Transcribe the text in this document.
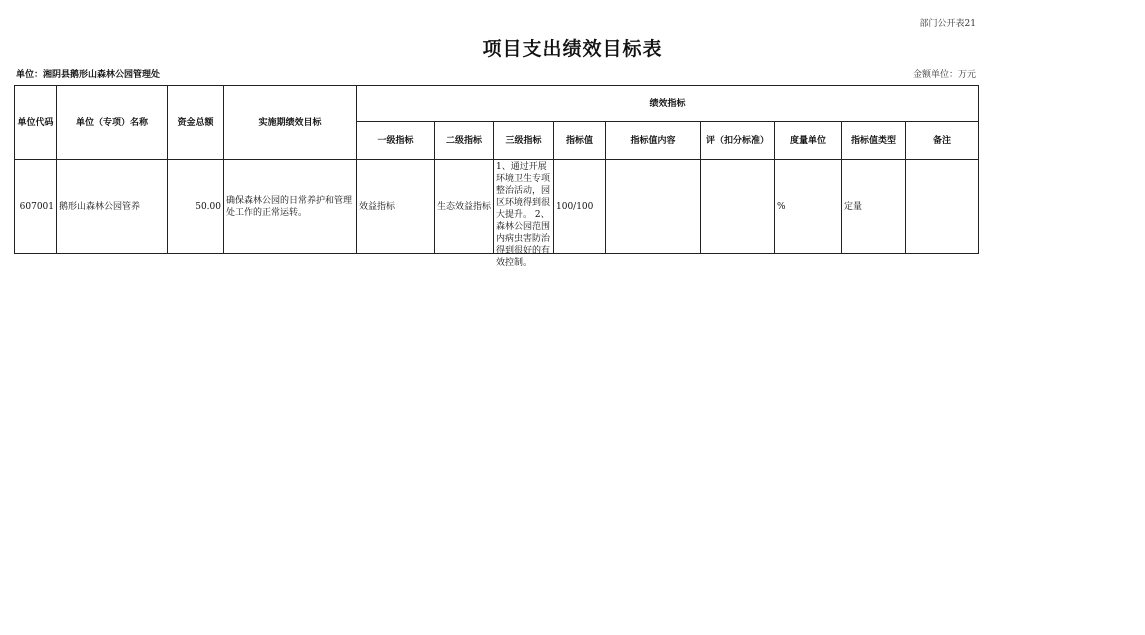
部门公开表21
项目支出绩效目标表
单位：湘阴县鹅形山森林公园管理处	金额单位：万元
单位代码	单位（专项）名称	资金总额	实施期绩效目标	绩效指标								
				一级指标	二级指标	三级指标	指标值	指标值内容	评（扣分标准）	度量单位	指标值类型	备注
607001	鹅形山森林公园管养	50.00	确保森林公园的日常养护和管理处工作的正常运转。	效益指标	生态效益指标	1、通过开展环境卫生专项整治活动，园区环境得到很大提升。 2、森林公园范围内病虫害防治得到很好的有效控制。	100/100			%	定量	
